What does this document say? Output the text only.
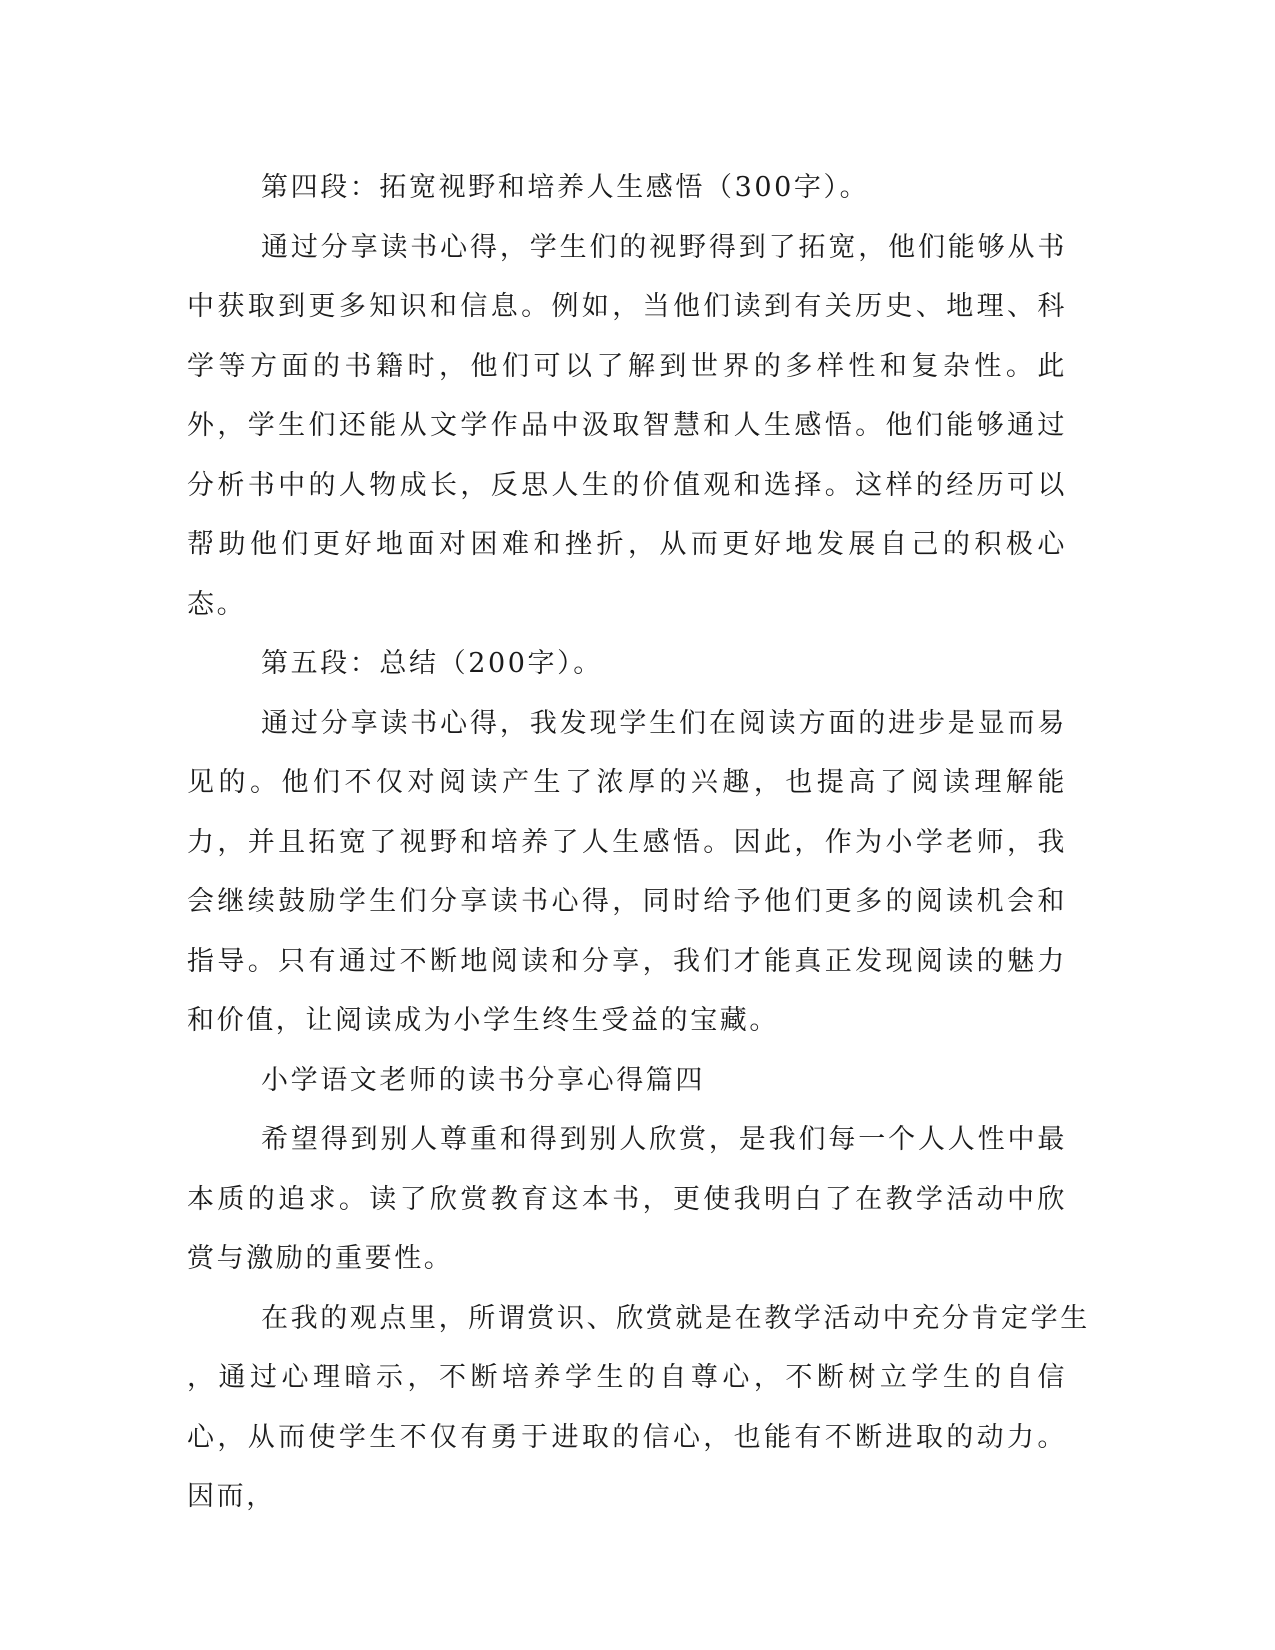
第四段：拓宽视野和培养人生感悟（300字）。

通过分享读书心得，学生们的视野得到了拓宽，他们能够从书中获取到更多知识和信息。例如，当他们读到有关历史、地理、科学等方面的书籍时，他们可以了解到世界的多样性和复杂性。此外，学生们还能从文学作品中汲取智慧和人生感悟。他们能够通过分析书中的人物成长，反思人生的价值观和选择。这样的经历可以帮助他们更好地面对困难和挫折，从而更好地发展自己的积极心态。

第五段：总结（200字）。

通过分享读书心得，我发现学生们在阅读方面的进步是显而易见的。他们不仅对阅读产生了浓厚的兴趣，也提高了阅读理解能力，并且拓宽了视野和培养了人生感悟。因此，作为小学老师，我会继续鼓励学生们分享读书心得，同时给予他们更多的阅读机会和指导。只有通过不断地阅读和分享，我们才能真正发现阅读的魅力和价值，让阅读成为小学生终生受益的宝藏。

小学语文老师的读书分享心得篇四

希望得到别人尊重和得到别人欣赏，是我们每一个人人性中最本质的追求。读了欣赏教育这本书，更使我明白了在教学活动中欣赏与激励的重要性。

在我的观点里，所谓赏识、欣赏就是在教学活动中充分肯定学生

，通过心理暗示，不断培养学生的自尊心，不断树立学生的自信心，从而使学生不仅有勇于进取的信心，也能有不断进取的动力。因而，
